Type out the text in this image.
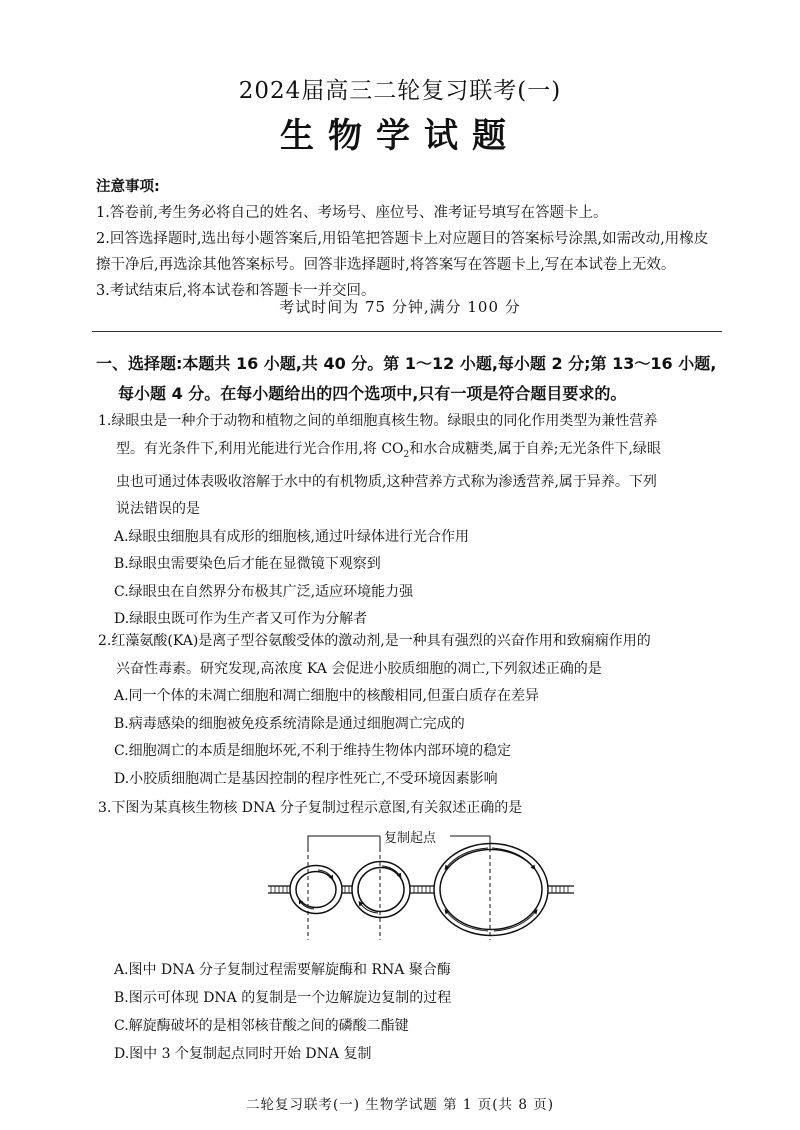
2024届高三二轮复习联考(一)
生物学试题
注意事项:
1.答卷前,考生务必将自己的姓名、考场号、座位号、准考证号填写在答题卡上。
2.回答选择题时,选出每小题答案后,用铅笔把答题卡上对应题目的答案标号涂黑,如需改动,用橡皮
擦干净后,再选涂其他答案标号。回答非选择题时,将答案写在答题卡上,写在本试卷上无效。
3.考试结束后,将本试卷和答题卡一并交回。
考试时间为 75 分钟,满分 100 分
一、选择题:本题共 16 小题,共 40 分。第 1～12 小题,每小题 2 分;第 13～16 小题,
每小题 4 分。在每小题给出的四个选项中,只有一项是符合题目要求的。
1.绿眼虫是一种介于动物和植物之间的单细胞真核生物。绿眼虫的同化作用类型为兼性营养
型。有光条件下,利用光能进行光合作用,将 $CO_2$和水合成糖类,属于自养;无光条件下,绿眼
虫也可通过体表吸收溶解于水中的有机物质,这种营养方式称为渗透营养,属于异养。下列
说法错误的是
A.绿眼虫细胞具有成形的细胞核,通过叶绿体进行光合作用
B.绿眼虫需要染色后才能在显微镜下观察到
C.绿眼虫在自然界分布极其广泛,适应环境能力强
D.绿眼虫既可作为生产者又可作为分解者
2.红藻氨酸(KA)是离子型谷氨酸受体的激动剂,是一种具有强烈的兴奋作用和致痫痫作用的
兴奋性毒素。研究发现,高浓度 KA 会促进小胶质细胞的凋亡,下列叙述正确的是
A.同一个体的未凋亡细胞和凋亡细胞中的核酸相同,但蛋白质存在差异
B.病毒感染的细胞被免疫系统清除是通过细胞凋亡完成的
C.细胞凋亡的本质是细胞坏死,不利于维持生物体内部环境的稳定
D.小胶质细胞凋亡是基因控制的程序性死亡,不受环境因素影响
3.下图为某真核生物核 DNA 分子复制过程示意图,有关叙述正确的是
复制起点
A.图中 DNA 分子复制过程需要解旋酶和 RNA 聚合酶
B.图示可体现 DNA 的复制是一个边解旋边复制的过程
C.解旋酶破坏的是相邻核苷酸之间的磷酸二酯键
D.图中 3 个复制起点同时开始 DNA 复制
二轮复习联考(一) 生物学试题 第 1 页(共 8 页)
